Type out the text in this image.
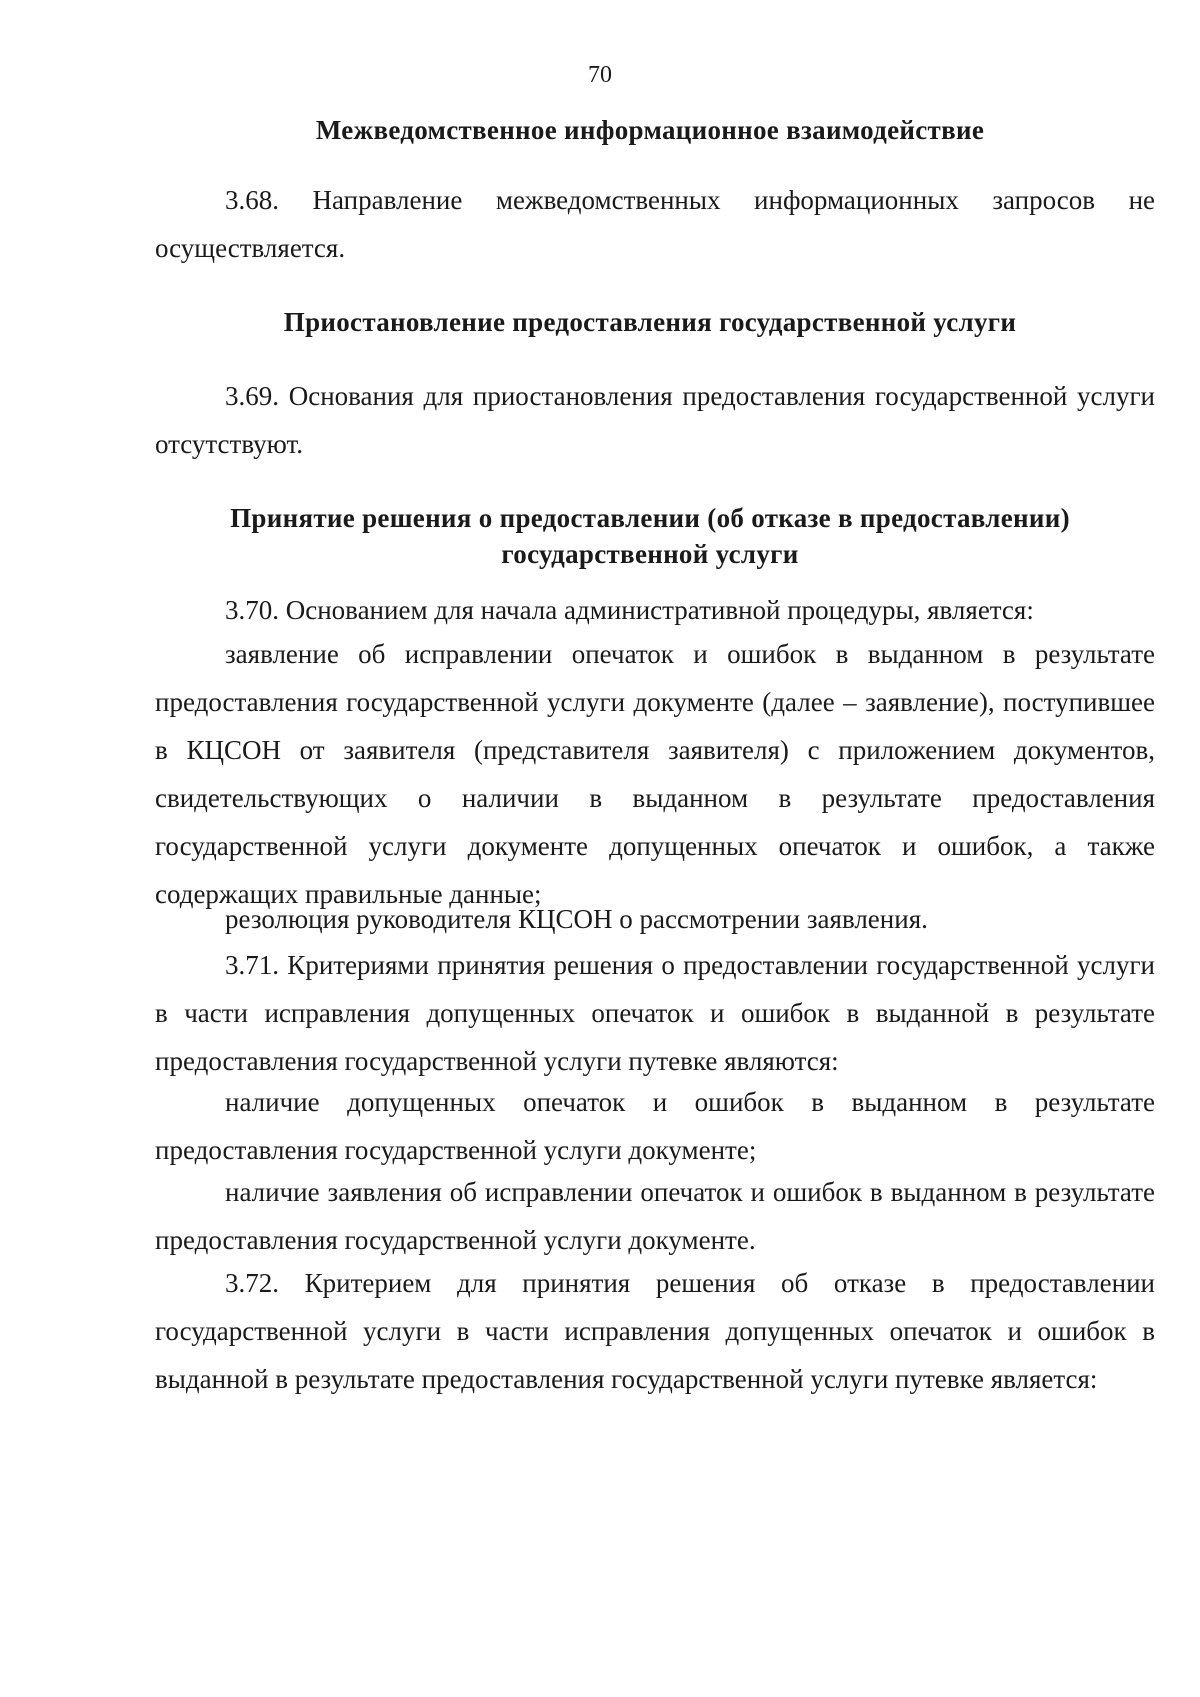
70
Межведомственное информационное взаимодействие

3.68. Направление межведомственных информационных запросов не осуществляется.

Приостановление предоставления государственной услуги

3.69. Основания для приостановления предоставления государственной услуги отсутствуют.

Принятие решения о предоставлении (об отказе в предоставлении)
государственной услуги

3.70. Основанием для начала административной процедуры, является:

заявление об исправлении опечаток и ошибок в выданном в результате предоставления государственной услуги документе (далее – заявление), поступившее в КЦСОН от заявителя (представителя заявителя) с приложением документов, свидетельствующих о наличии в выданном в результате предоставления государственной услуги документе допущенных опечаток и ошибок, а также содержащих правильные данные;

резолюция руководителя КЦСОН о рассмотрении заявления.

3.71. Критериями принятия решения о предоставлении государственной услуги в части исправления допущенных опечаток и ошибок в выданной в результате предоставления государственной услуги путевке являются:

наличие допущенных опечаток и ошибок в выданном в результате предоставления государственной услуги документе;

наличие заявления об исправлении опечаток и ошибок в выданном в результате предоставления государственной услуги документе.

3.72. Критерием для принятия решения об отказе в предоставлении государственной услуги в части исправления допущенных опечаток и ошибок в выданной в результате предоставления государственной услуги путевке является:
